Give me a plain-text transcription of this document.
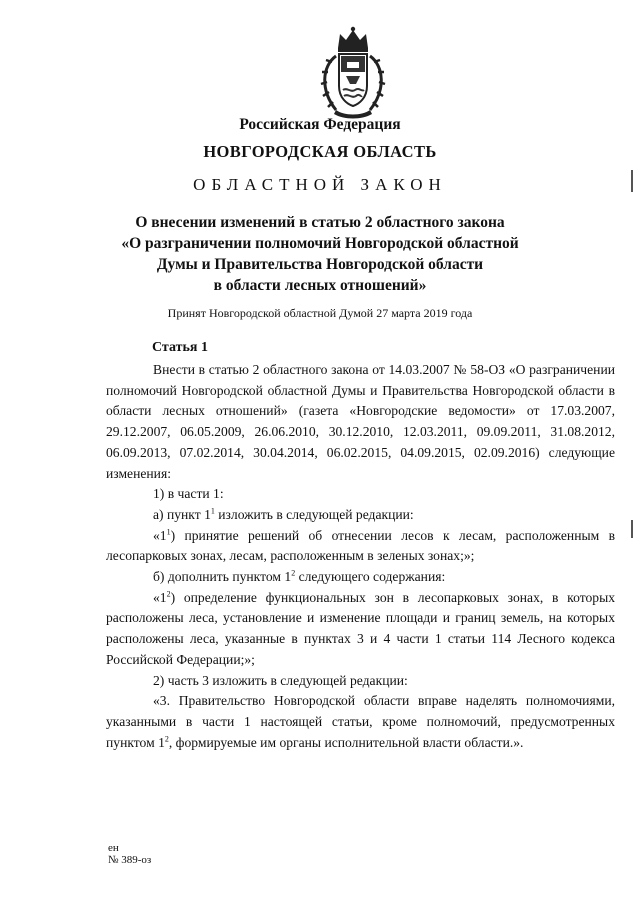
Российская Федерация
НОВГОРОДСКАЯ ОБЛАСТЬ
ОБЛАСТНОЙ ЗАКОН
О внесении изменений в статью 2 областного закона
«О разграничении полномочий Новгородской областной
Думы и Правительства Новгородской области
в области лесных отношений»
Принят Новгородской областной Думой 27 марта 2019 года
Статья 1

Внести в статью 2 областного закона от 14.03.2007 № 58-ОЗ «О разграничении полномочий Новгородской областной Думы и Правительства Новгородской области в области лесных отношений» (газета «Новгородские ведомости» от 17.03.2007, 29.12.2007, 06.05.2009, 26.06.2010, 30.12.2010, 12.03.2011, 09.09.2011, 31.08.2012, 06.09.2013, 07.02.2014, 30.04.2014, 06.02.2015, 04.09.2015, 02.09.2016) следующие изменения:

1) в части 1:

а) пункт $1^1$ изложить в следующей редакции:

«$1^1$) принятие решений об отнесении лесов к лесам, расположенным в лесопарковых зонах, лесам, расположенным в зеленых зонах;»;

б) дополнить пунктом $1^2$ следующего содержания:

«$1^2$) определение функциональных зон в лесопарковых зонах, в которых расположены леса, установление и изменение площади и границ земель, на которых расположены леса, указанные в пунктах 3 и 4 части 1 статьи 114 Лесного кодекса Российской Федерации;»;

2) часть 3 изложить в следующей редакции:

«3. Правительство Новгородской области вправе наделять полномочиями, указанными в части 1 настоящей статьи, кроме полномочий, предусмотренных пунктом $1^2$, формируемые им органы исполнительной власти области.».

ен
№ 389-оз
